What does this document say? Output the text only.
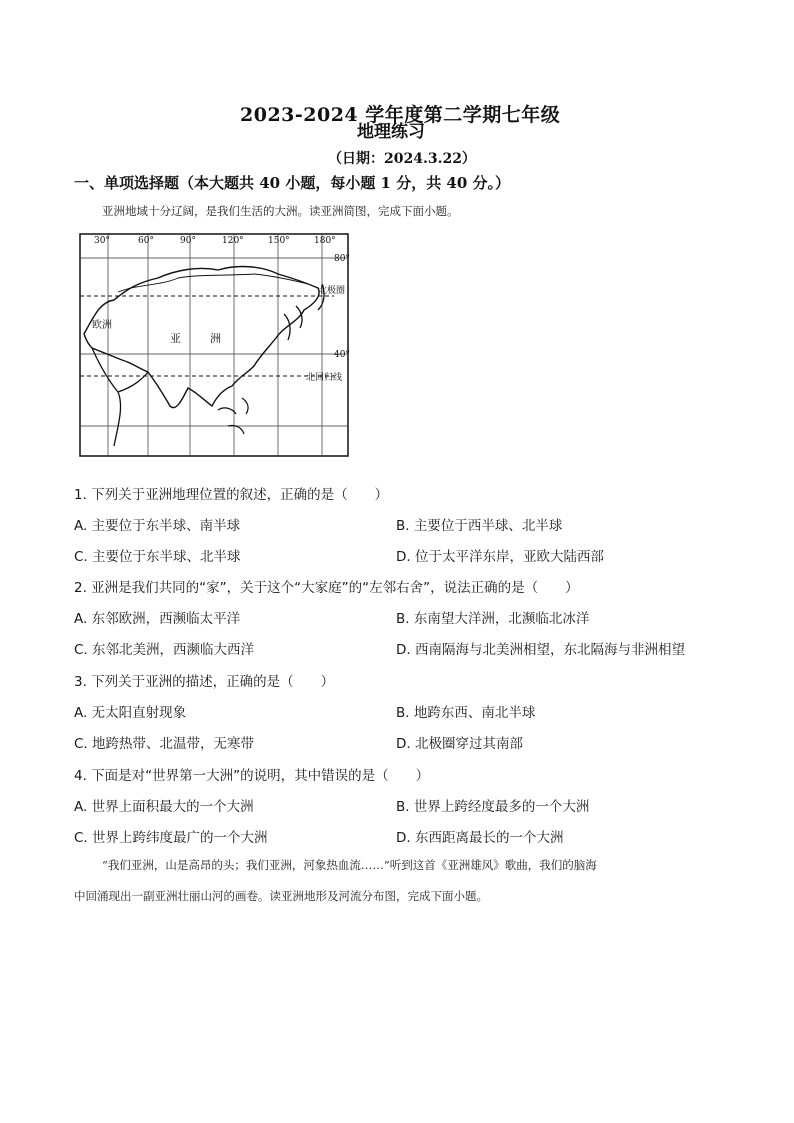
2023-2024 学年度第二学期七年级
地理练习
（日期：2024.3.22）
一、单项选择题（本大题共 40 小题，每小题 1 分，共 40 分。）
亚洲地域十分辽阔，是我们生活的大洲。读亚洲简图，完成下面小题。
30°	60°	90°	120°	150°	180°
80°
40°
北极圈
北回归线
欧洲
亚	洲
1. 下列关于亚洲地理位置的叙述，正确的是（　　）
A. 主要位于东半球、南半球	B. 主要位于西半球、北半球
C. 主要位于东半球、北半球	D. 位于太平洋东岸，亚欧大陆西部
2. 亚洲是我们共同的“家”，关于这个“大家庭”的“左邻右舍”，说法正确的是（　　）
A. 东邻欧洲，西濒临太平洋	B. 东南望大洋洲，北濒临北冰洋
C. 东邻北美洲，西濒临大西洋	D. 西南隔海与北美洲相望，东北隔海与非洲相望
3. 下列关于亚洲的描述，正确的是（　　）
A. 无太阳直射现象	B. 地跨东西、南北半球
C. 地跨热带、北温带，无寒带	D. 北极圈穿过其南部
4. 下面是对“世界第一大洲”的说明，其中错误的是（　　）
A. 世界上面积最大的一个大洲	B. 世界上跨经度最多的一个大洲
C. 世界上跨纬度最广的一个大洲	D. 东西距离最长的一个大洲
“我们亚洲，山是高昂的头；我们亚洲，河象热血流……”听到这首《亚洲雄风》歌曲，我们的脑海
中回涌现出一副亚洲壮丽山河的画卷。读亚洲地形及河流分布图，完成下面小题。
